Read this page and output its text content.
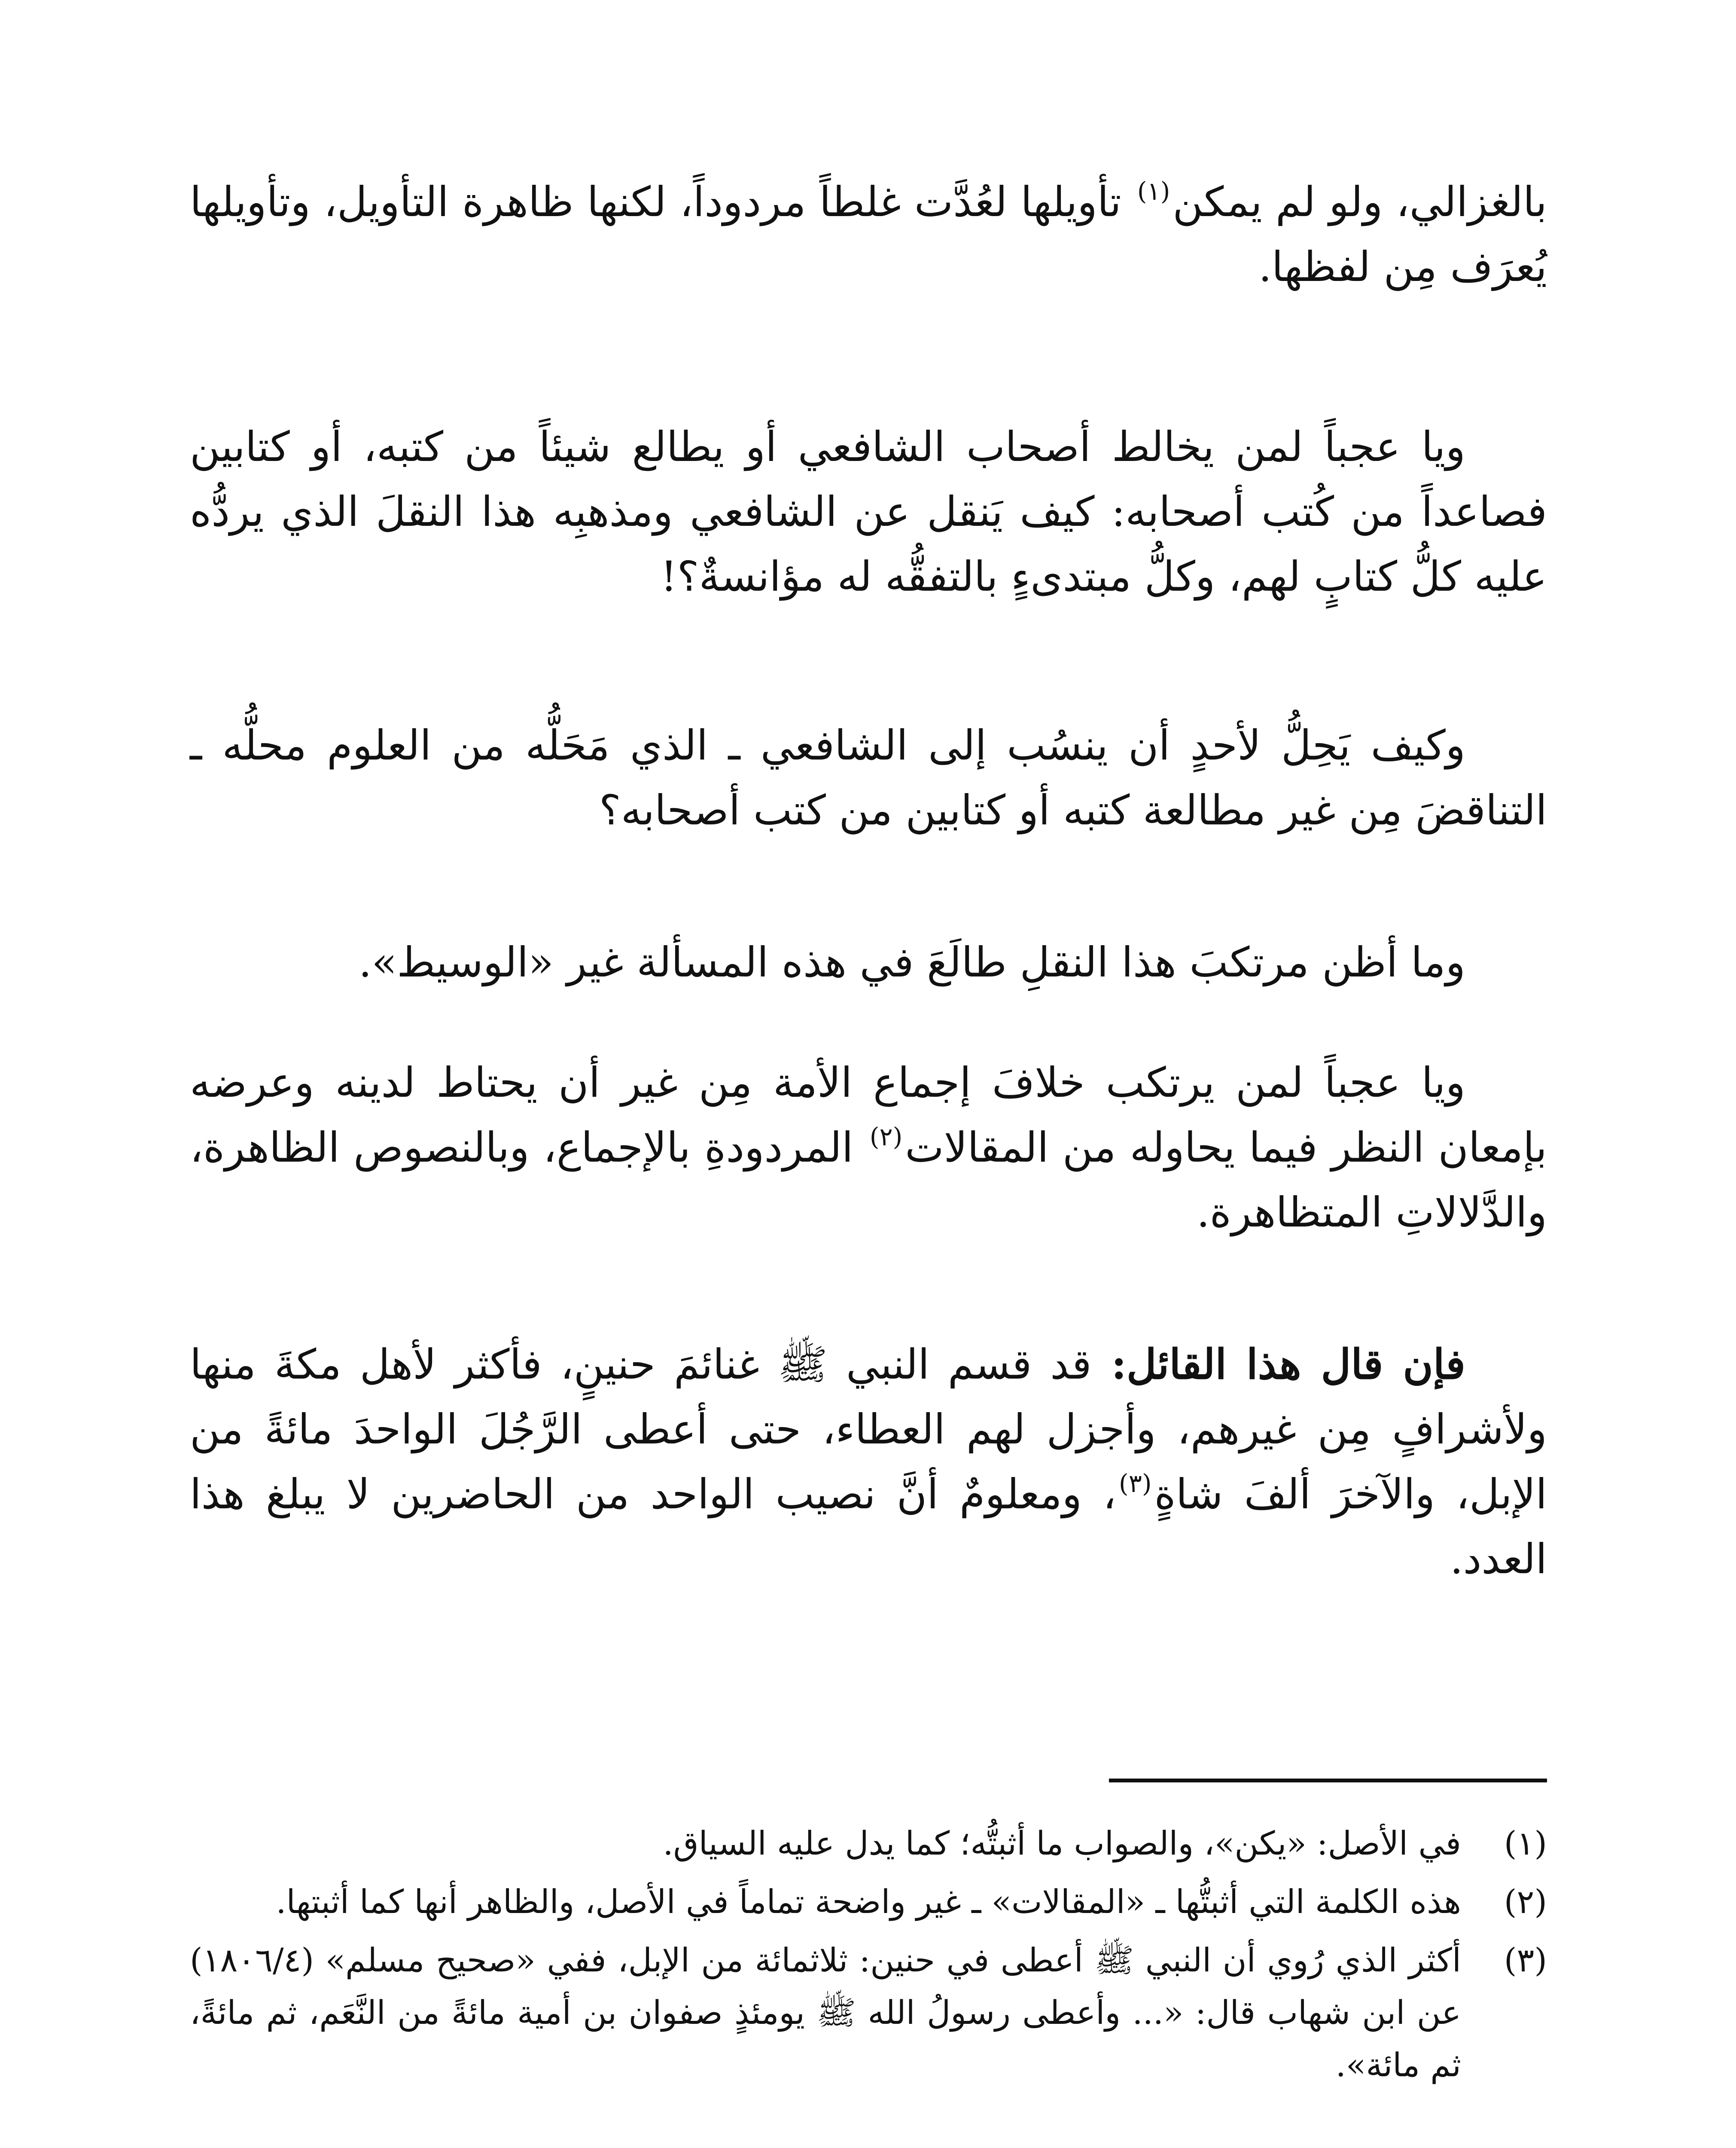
بالغزالي، ولو لم يمكن$^{(١)}$ تأويلها لعُدَّت غلطاً مردوداً، لكنها ظاهرة التأويل، وتأويلها يُعرَف مِن لفظها.

ويا عجباً لمن يخالط أصحاب الشافعي أو يطالع شيئاً من كتبه، أو كتابين فصاعداً من كُتب أصحابه: كيف يَنقل عن الشافعي ومذهبِه هذا النقلَ الذي يردُّه عليه كلُّ كتابٍ لهم، وكلُّ مبتدىءٍ بالتفقُّه له مؤانسةٌ؟!

وكيف يَحِلُّ لأحدٍ أن ينسُب إلى الشافعي ـ الذي مَحَلُّه من العلوم محلُّه ـ التناقضَ مِن غير مطالعة كتبه أو كتابين من كتب أصحابه؟

وما أظن مرتكبَ هذا النقلِ طالَعَ في هذه المسألة غير «الوسيط».

ويا عجباً لمن يرتكب خلافَ إجماع الأمة مِن غير أن يحتاط لدينه وعرضه بإمعان النظر فيما يحاوله من المقالات$^{(٢)}$ المردودةِ بالإجماع، وبالنصوص الظاهرة، والدَّلالاتِ المتظاهرة.

فإن قال هذا القائل: قد قسم النبي ﷺ غنائمَ حنينٍ، فأكثر لأهل مكةَ منها ولأشرافٍ مِن غيرهم، وأجزل لهم العطاء، حتى أعطى الرَّجُلَ الواحدَ مائةً من الإبل، والآخرَ ألفَ شاةٍ$^{(٣)}$، ومعلومٌ أنَّ نصيب الواحد من الحاضرين لا يبلغ هذا العدد.

(١)
في الأصل: «يكن»، والصواب ما أثبتُّه؛ كما يدل عليه السياق.
(٢)
هذه الكلمة التي أثبتُّها ـ «المقالات» ـ غير واضحة تماماً في الأصل، والظاهر أنها كما أثبتها.
(٣)
أكثر الذي رُوي أن النبي ﷺ أعطى في حنين: ثلاثمائة من الإبل، ففي «صحيح مسلم» (١٨٠٦/٤) عن ابن شهاب قال: «... وأعطى رسولُ الله ﷺ يومئذٍ صفوان بن أمية مائةً من النَّعَم، ثم مائةً، ثم مائة».
